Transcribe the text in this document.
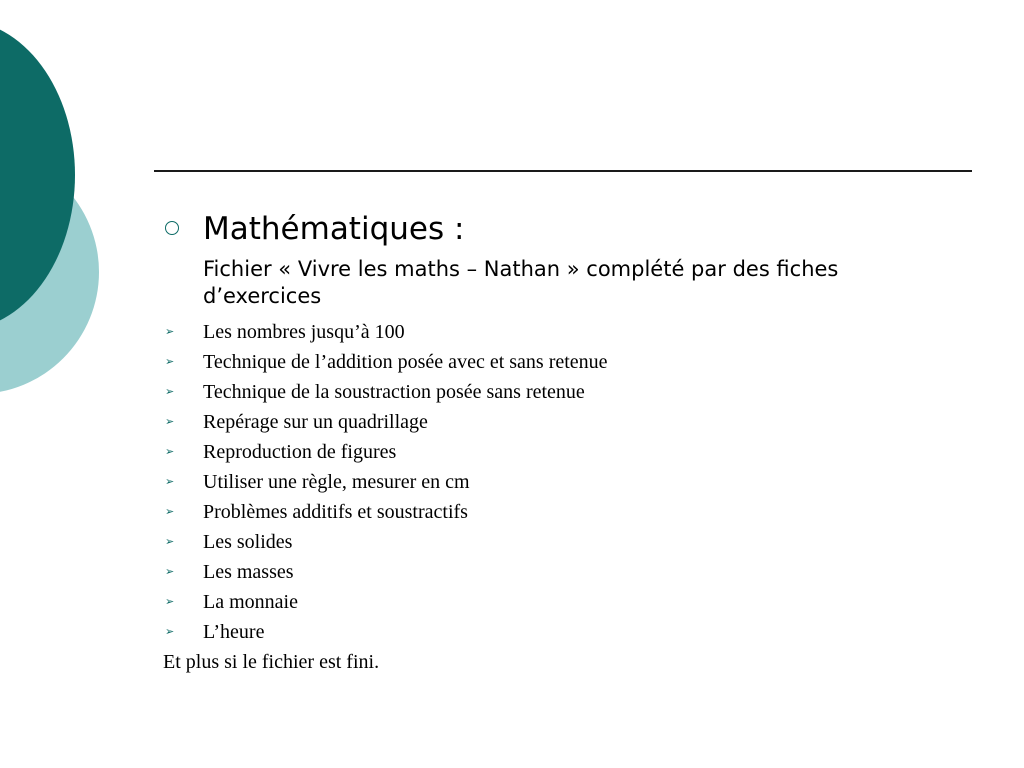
Mathématiques :
Fichier « Vivre les maths – Nathan » complété par des fiches d’exercices
➢ Les nombres jusqu’à 100
➢ Technique de l’addition posée avec et sans retenue
➢ Technique de la soustraction posée sans retenue
➢ Repérage sur un quadrillage
➢ Reproduction de figures
➢ Utiliser une règle, mesurer en cm
➢ Problèmes additifs et soustractifs
➢ Les solides
➢ Les masses
➢ La monnaie
➢ L’heure
Et plus si le fichier est fini.
